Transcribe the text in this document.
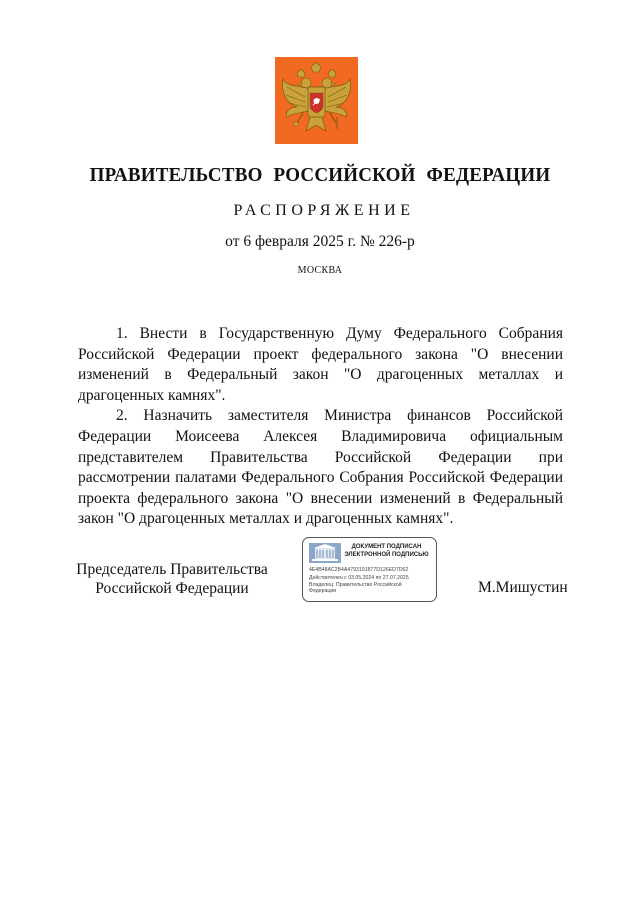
ПРАВИТЕЛЬСТВО РОССИЙСКОЙ ФЕДЕРАЦИИ
РАСПОРЯЖЕНИЕ
от 6 февраля 2025 г. № 226-р
МОСКВА

1. Внести в Государственную Думу Федерального Собрания Российской Федерации проект федерального закона "О внесении изменений в Федеральный закон "О драгоценных металлах и драгоценных камнях".

2. Назначить заместителя Министра финансов Российской Федерации Моисеева Алексея Владимировича официальным представителем Правительства Российской Федерации при рассмотрении палатами Федерального Собрания Российской Федерации проекта федерального закона "О внесении изменений в Федеральный закон "О драгоценных металлах и драгоценных камнях".

Председатель Правительства
Российской Федерации
ДОКУМЕНТ ПОДПИСАН
ЭЛЕКТРОННОЙ ПОДПИСЬЮ
4E4B48AC2B4A4793191877D126ED7D62
Действителен с 03.05.2024 по 27.07.2025
Владелец: Правительство Российской
Федерации	М.Мишустин
